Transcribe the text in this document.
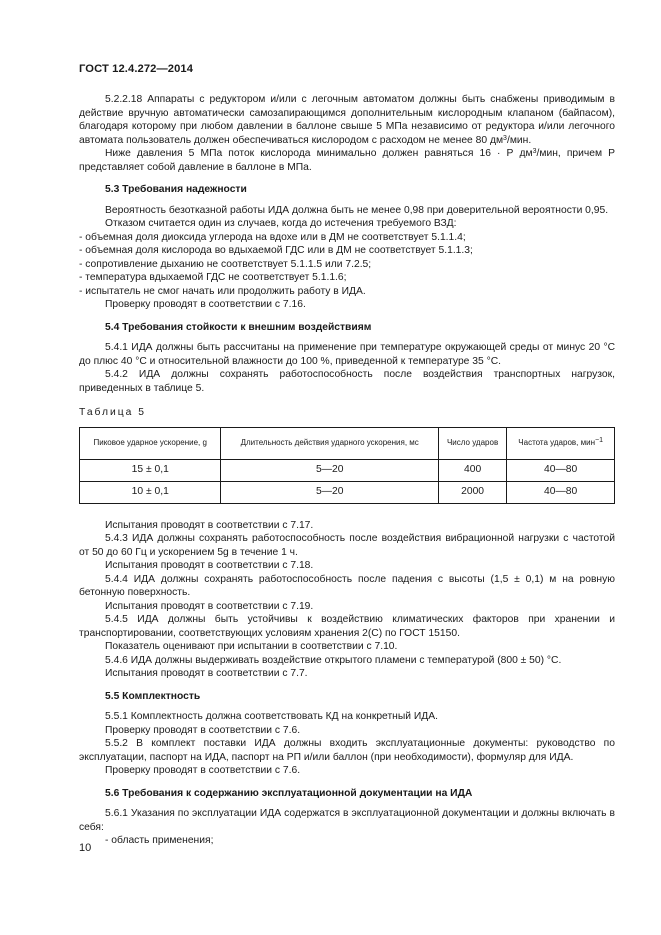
ГОСТ 12.4.272—2014

5.2.2.18 Аппараты с редуктором и/или с легочным автоматом должны быть снабжены приводимым в действие вручную автоматически самозапирающимся дополнительным кислородным клапаном (байпасом), благодаря которому при любом давлении в баллоне свыше 5 МПа независимо от редуктора и/или легочного автомата пользователь должен обеспечиваться кислородом с расходом не менее 80 $дм^3$/мин.

Ниже давления 5 МПа поток кислорода минимально должен равняться 16 · Р $дм^3$/мин, причем Р представляет собой давление в баллоне в МПа.

5.3 Требования надежности

Вероятность безотказной работы ИДА должна быть не менее 0,98 при доверительной вероятности 0,95.

Отказом считается один из случаев, когда до истечения требуемого ВЗД:

- объемная доля диоксида углерода на вдохе или в ДМ не соответствует 5.1.1.4;

- объемная доля кислорода во вдыхаемой ГДС или в ДМ не соответствует 5.1.1.3;

- сопротивление дыханию не соответствует 5.1.1.5 или 7.2.5;

- температура вдыхаемой ГДС не соответствует 5.1.1.6;

- испытатель не смог начать или продолжить работу в ИДА.

Проверку проводят в соответствии с 7.16.

5.4 Требования стойкости к внешним воздействиям

5.4.1 ИДА должны быть рассчитаны на применение при температуре окружающей среды от минус 20 °С до плюс 40 °С и относительной влажности до 100 %, приведенной к температуре 35 °С.

5.4.2 ИДА должны сохранять работоспособность после воздействия транспортных нагрузок, приведенных в таблице 5.

Таблица 5

Пиковое ударное ускорение, g	Длительность действия ударного ускорения, мс	Число ударов	Частота ударов, мин$^{-1}$
15 ± 0,1	5—20	400	40—80
10 ± 0,1	5—20	2000	40—80

Испытания проводят в соответствии с 7.17.

5.4.3 ИДА должны сохранять работоспособность после воздействия вибрационной нагрузки с частотой от 50 до 60 Гц и ускорением 5g в течение 1 ч.

Испытания проводят в соответствии с 7.18.

5.4.4 ИДА должны сохранять работоспособность после падения с высоты (1,5 ± 0,1) м на ровную бетонную поверхность.

Испытания проводят в соответствии с 7.19.

5.4.5 ИДА должны быть устойчивы к воздействию климатических факторов при хранении и транспортировании, соответствующих условиям хранения 2(С) по ГОСТ 15150.

Показатель оценивают при испытании в соответствии с 7.10.

5.4.6 ИДА должны выдерживать воздействие открытого пламени с температурой (800 ± 50) °С.

Испытания проводят в соответствии с 7.7.

5.5 Комплектность

5.5.1 Комплектность должна соответствовать КД на конкретный ИДА.

Проверку проводят в соответствии с 7.6.

5.5.2 В комплект поставки ИДА должны входить эксплуатационные документы: руководство по эксплуатации, паспорт на ИДА, паспорт на РП и/или баллон (при необходимости), формуляр для ИДА.

Проверку проводят в соответствии с 7.6.

5.6 Требования к содержанию эксплуатационной документации на ИДА

5.6.1 Указания по эксплуатации ИДА содержатся в эксплуатационной документации и должны включать в себя:

- область применения;

10
